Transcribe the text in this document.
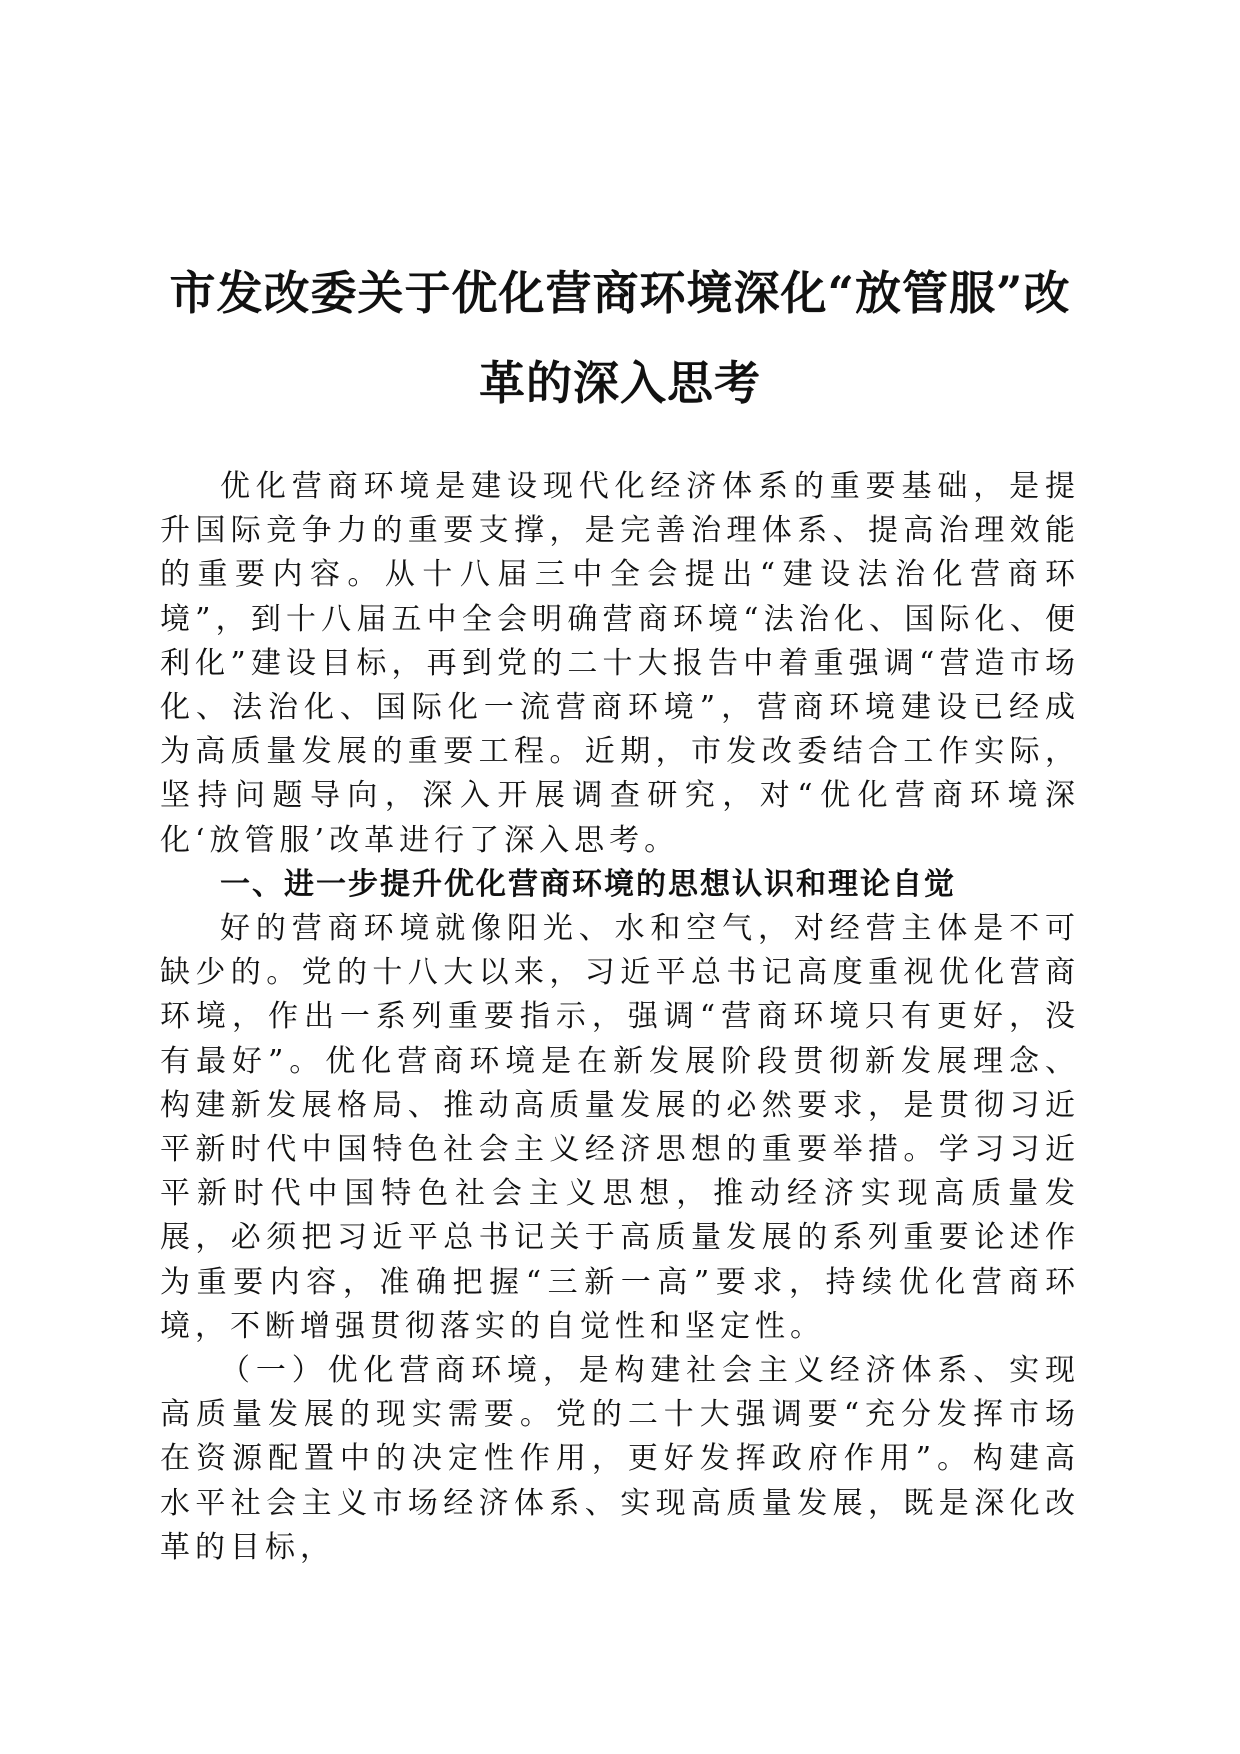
市发改委关于优化营商环境深化“放管服”改
革的深入思考

优化营商环境是建设现代化经济体系的重要基础，是提升国际竞争力的重要支撑，是完善治理体系、提高治理效能的重要内容。从十八届三中全会提出“建设法治化营商环境”，到十八届五中全会明确营商环境“法治化、国际化、便利化”建设目标，再到党的二十大报告中着重强调“营造市场化、法治化、国际化一流营商环境”，营商环境建设已经成为高质量发展的重要工程。近期，市发改委结合工作实际，坚持问题导向，深入开展调查研究，对“优化营商环境深化‘放管服’改革进行了深入思考。

一、进一步提升优化营商环境的思想认识和理论自觉

好的营商环境就像阳光、水和空气，对经营主体是不可缺少的。党的十八大以来，习近平总书记高度重视优化营商环境，作出一系列重要指示，强调“营商环境只有更好，没有最好”。优化营商环境是在新发展阶段贯彻新发展理念、构建新发展格局、推动高质量发展的必然要求，是贯彻习近平新时代中国特色社会主义经济思想的重要举措。学习习近平新时代中国特色社会主义思想，推动经济实现高质量发展，必须把习近平总书记关于高质量发展的系列重要论述作为重要内容，准确把握“三新一高”要求，持续优化营商环境，不断增强贯彻落实的自觉性和坚定性。

（一）优化营商环境，是构建社会主义经济体系、实现高质量发展的现实需要。党的二十大强调要“充分发挥市场在资源配置中的决定性作用，更好发挥政府作用”。构建高水平社会主义市场经济体系、实现高质量发展，既是深化改革的目标，
